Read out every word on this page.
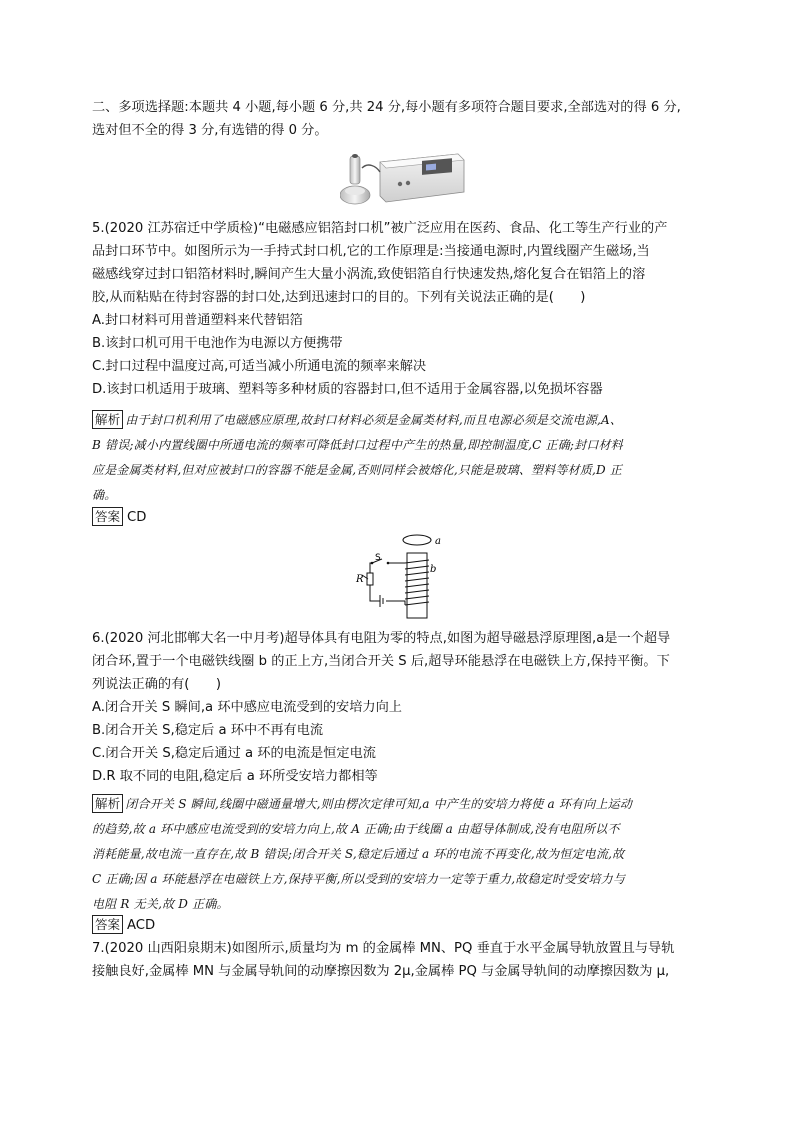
二、多项选择题:本题共 4 小题,每小题 6 分,共 24 分,每小题有多项符合题目要求,全部选对的得 6 分,
选对但不全的得 3 分,有选错的得 0 分。
5.(2020 江苏宿迁中学质检)“电磁感应铝箔封口机”被广泛应用在医药、食品、化工等生产行业的产
品封口环节中。如图所示为一手持式封口机,它的工作原理是:当接通电源时,内置线圈产生磁场,当
磁感线穿过封口铝箔材料时,瞬间产生大量小涡流,致使铝箔自行快速发热,熔化复合在铝箔上的溶
胶,从而粘贴在待封容器的封口处,达到迅速封口的目的。下列有关说法正确的是(　　)
A.封口材料可用普通塑料来代替铝箔
B.该封口机可用干电池作为电源以方便携带
C.封口过程中温度过高,可适当减小所通电流的频率来解决
D.该封口机适用于玻璃、塑料等多种材质的容器封口,但不适用于金属容器,以免损坏容器
解析 由于封口机利用了电磁感应原理,故封口材料必须是金属类材料,而且电源必须是交流电源,A、
B 错误;减小内置线圈中所通电流的频率可降低封口过程中产生的热量,即控制温度,C 正确;封口材料
应是金属类材料,但对应被封口的容器不能是金属,否则同样会被熔化,只能是玻璃、塑料等材质,D 正
确。
答案 CD
a
b
S
R
6.(2020 河北邯郸大名一中月考)超导体具有电阻为零的特点,如图为超导磁悬浮原理图,a是一个超导
闭合环,置于一个电磁铁线圈 b 的正上方,当闭合开关 S 后,超导环能悬浮在电磁铁上方,保持平衡。下
列说法正确的有(　　)
A.闭合开关 S 瞬间,a 环中感应电流受到的安培力向上
B.闭合开关 S,稳定后 a 环中不再有电流
C.闭合开关 S,稳定后通过 a 环的电流是恒定电流
D.R 取不同的电阻,稳定后 a 环所受安培力都相等
解析 闭合开关 S 瞬间,线圈中磁通量增大,则由楞次定律可知,a 中产生的安培力将使 a 环有向上运动
的趋势,故 a 环中感应电流受到的安培力向上,故 A 正确;由于线圈 a 由超导体制成,没有电阻所以不
消耗能量,故电流一直存在,故 B 错误;闭合开关 S,稳定后通过 a 环的电流不再变化,故为恒定电流,故
C 正确;因 a 环能悬浮在电磁铁上方,保持平衡,所以受到的安培力一定等于重力,故稳定时受安培力与
电阻 R 无关,故 D 正确。
答案 ACD
7.(2020 山西阳泉期末)如图所示,质量均为 m 的金属棒 MN、PQ 垂直于水平金属导轨放置且与导轨
接触良好,金属棒 MN 与金属导轨间的动摩擦因数为 2μ,金属棒 PQ 与金属导轨间的动摩擦因数为 μ,
